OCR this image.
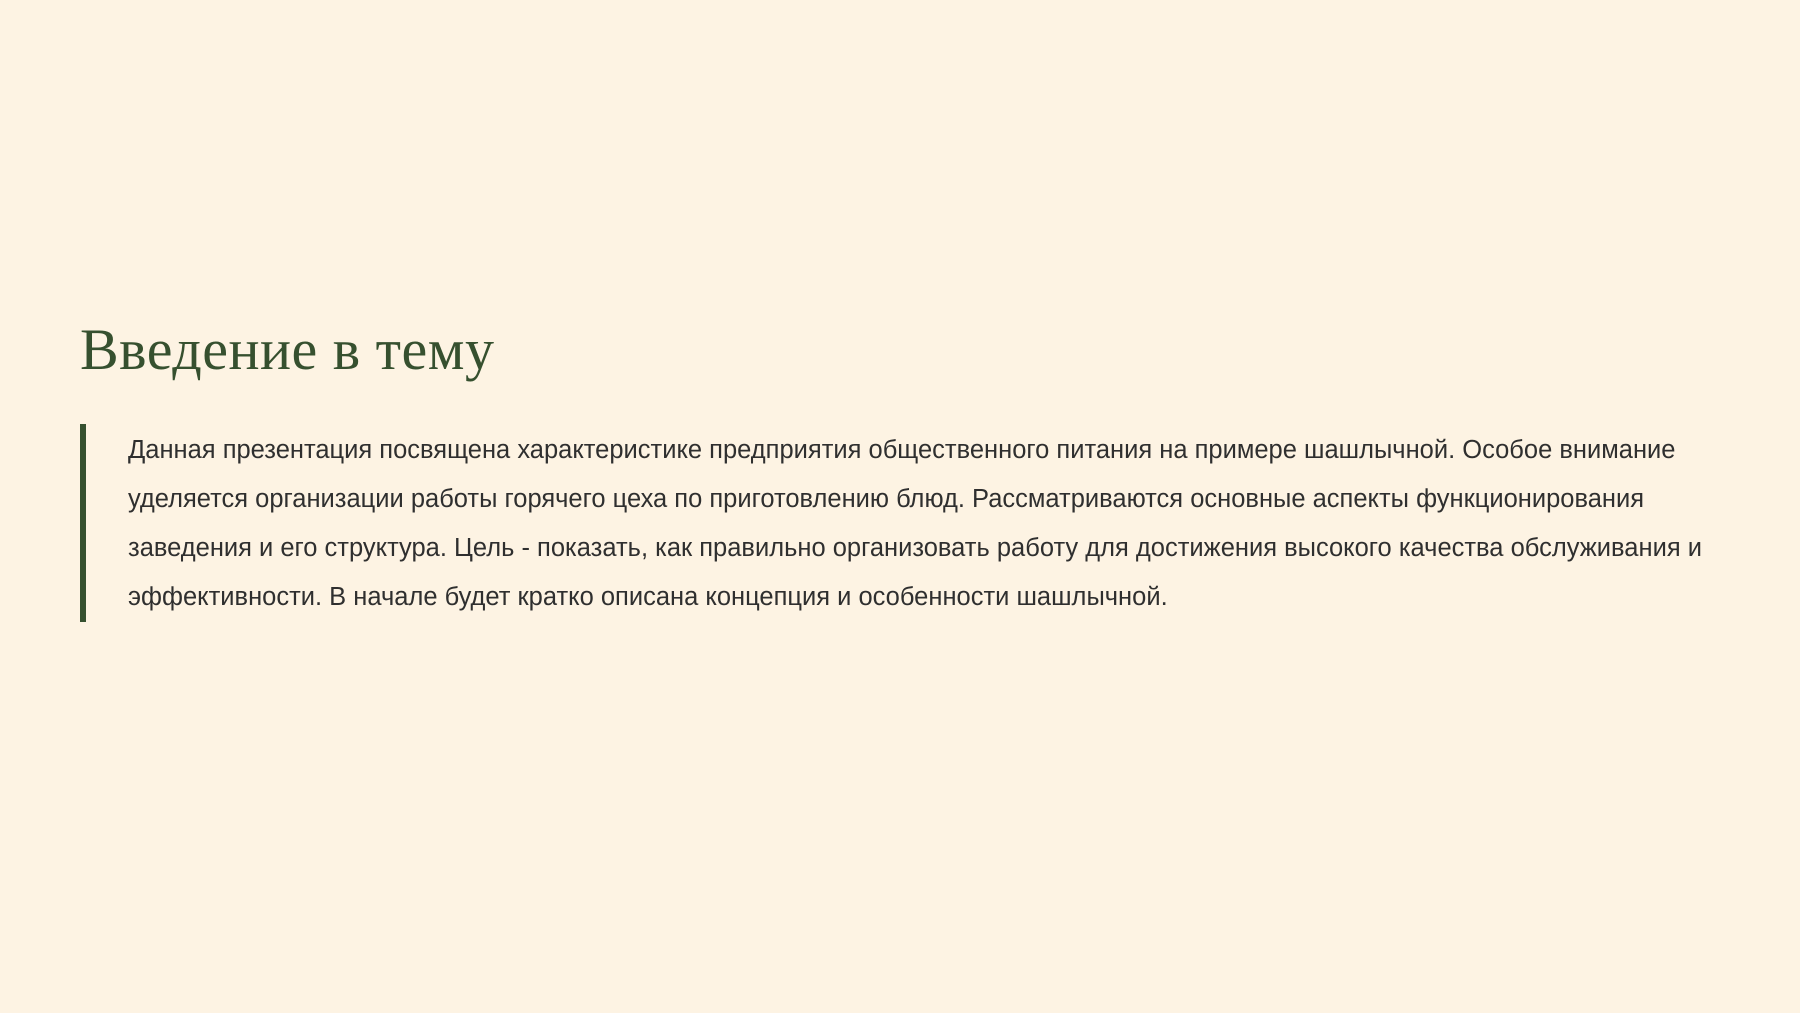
Введение в тему

Данная презентация посвящена характеристике предприятия общественного питания на примере шашлычной. Особое внимание уделяется организации работы горячего цеха по приготовлению блюд. Рассматриваются основные аспекты функционирования заведения и его структура. Цель - показать, как правильно организовать работу для достижения высокого качества обслуживания и эффективности. В начале будет кратко описана концепция и особенности шашлычной.
